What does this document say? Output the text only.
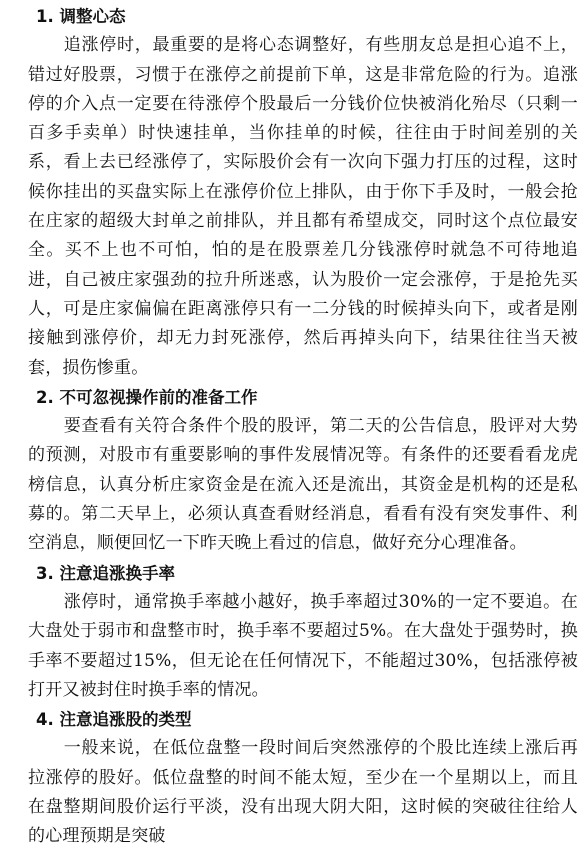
1. 调整心态

追涨停时，最重要的是将心态调整好，有些朋友总是担心追不上，错过好股票，习惯于在涨停之前提前下单，这是非常危险的行为。追涨停的介入点一定要在待涨停个股最后一分钱价位快被消化殆尽（只剩一百多手卖单）时快速挂单，当你挂单的时候，往往由于时间差别的关系，看上去已经涨停了，实际股价会有一次向下强力打压的过程，这时候你挂出的买盘实际上在涨停价位上排队，由于你下手及时，一般会抢在庄家的超级大封单之前排队，并且都有希望成交，同时这个点位最安全。买不上也不可怕，怕的是在股票差几分钱涨停时就急不可待地追进，自己被庄家强劲的拉升所迷惑，认为股价一定会涨停，于是抢先买人，可是庄家偏偏在距离涨停只有一二分钱的时候掉头向下，或者是刚接触到涨停价，却无力封死涨停，然后再掉头向下，结果往往当天被套，损伤惨重。

2. 不可忽视操作前的准备工作

要查看有关符合条件个股的股评，第二天的公告信息，股评对大势的预测，对股市有重要影响的事件发展情况等。有条件的还要看看龙虎榜信息，认真分析庄家资金是在流入还是流出，其资金是机构的还是私募的。第二天早上，必须认真查看财经消息，看看有没有突发事件、利空消息，顺便回忆一下昨天晚上看过的信息，做好充分心理准备。

3. 注意追涨换手率

涨停时，通常换手率越小越好，换手率超过30%的一定不要追。在大盘处于弱市和盘整市时，换手率不要超过5%。在大盘处于强势时，换手率不要超过15%，但无论在任何情况下，不能超过30%，包括涨停被打开又被封住时换手率的情况。

4. 注意追涨股的类型

一般来说，在低位盘整一段时间后突然涨停的个股比连续上涨后再拉涨停的股好。低位盘整的时间不能太短，至少在一个星期以上，而且在盘整期间股价运行平淡，没有出现大阴大阳，这时候的突破往往给人的心理预期是突破
